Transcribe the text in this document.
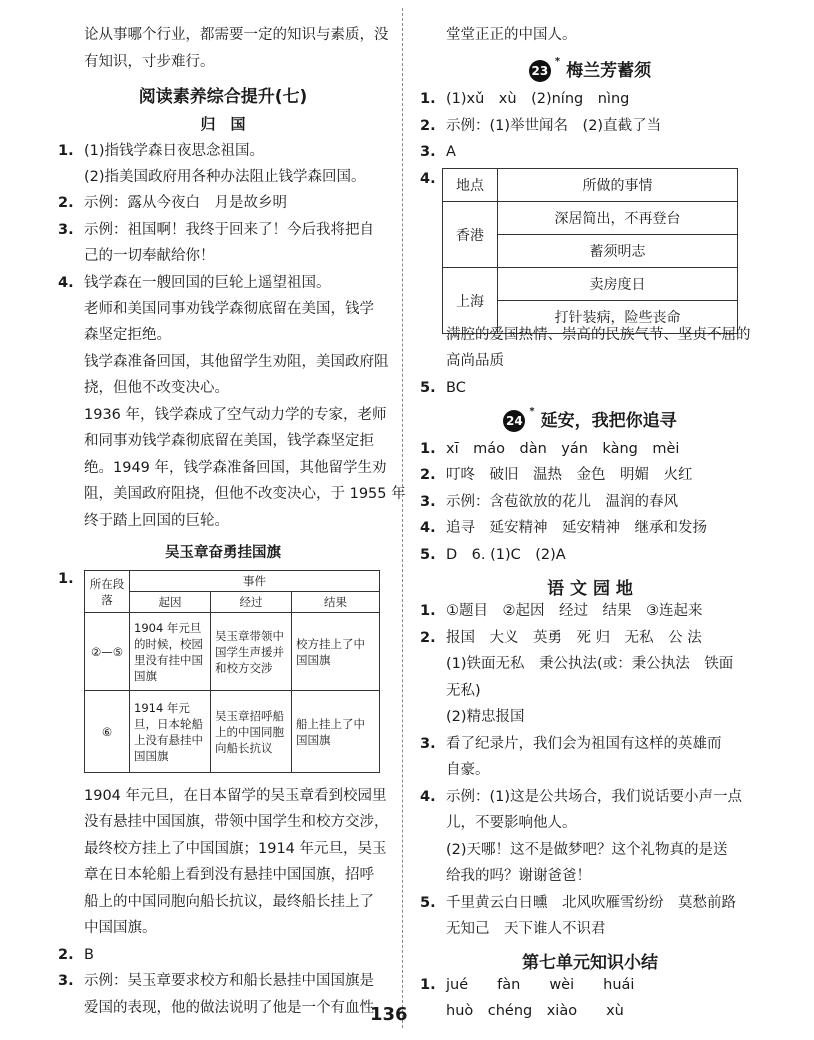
论从事哪个行业，都需要一定的知识与素质，没
有知识，寸步难行。
阅读素养综合提升(七)
归　国
1. (1)指钱学森日夜思念祖国。
(2)指美国政府用各种办法阻止钱学森回国。
2. 示例：露从今夜白　月是故乡明
3. 示例：祖国啊！我终于回来了！今后我将把自
己的一切奉献给你！
4. 钱学森在一艘回国的巨轮上遥望祖国。
老师和美国同事劝钱学森彻底留在美国，钱学
森坚定拒绝。
钱学森准备回国，其他留学生劝阻，美国政府阻
挠，但他不改变决心。
1936 年，钱学森成了空气动力学的专家，老师
和同事劝钱学森彻底留在美国，钱学森坚定拒
绝。1949 年，钱学森准备回国，其他留学生劝
阻，美国政府阻挠，但他不改变决心，于 1955 年
终于踏上回国的巨轮。
吴玉章奋勇挂国旗
1.	所在段落	事件		
	起因	经过	结果
②—⑤	1904 年元旦的时候，校园里没有挂中国国旗	吴玉章带领中国学生声援并和校方交涉	校方挂上了中国国旗
⑥	1914 年元旦，日本轮船上没有悬挂中国国旗	吴玉章招呼船上的中国同胞向船长抗议	船上挂上了中国国旗
1904 年元旦，在日本留学的吴玉章看到校园里
没有悬挂中国国旗，带领中国学生和校方交涉，
最终校方挂上了中国国旗；1914 年元旦，吴玉
章在日本轮船上看到没有悬挂中国国旗，招呼
船上的中国同胞向船长抗议，最终船长挂上了
中国国旗。
2. B
3. 示例：吴玉章要求校方和船长悬挂中国国旗是
爱国的表现，他的做法说明了他是一个有血性、
堂堂正正的中国人。
23* 梅兰芳蓄须
1. (1)xǔ　xù　(2)níng　nìng
2. 示例：(1)举世闻名　(2)直截了当
3. A
4.	地点	所做的事情
香港	深居简出，不再登台
	蓄须明志
上海	卖房度日
	打针装病，险些丧命
满腔的爱国热情、崇高的民族气节、坚贞不屈的
高尚品质
5. BC
24* 延安，我把你追寻
1. xī　máo　dàn　yán　kàng　mèi
2. 叮咚　破旧　温热　金色　明媚　火红
3. 示例：含苞欲放的花儿　温润的春风
4. 追寻　延安精神　延安精神　继承和发扬
5. D　6. (1)C　(2)A
语 文 园 地
1. ①题目　②起因　经过　结果　③连起来
2. 报国　大义　英勇　死 归　无私　公 法
(1)铁面无私　秉公执法(或：秉公执法　铁面
无私)
(2)精忠报国
3. 看了纪录片，我们会为祖国有这样的英雄而
自豪。
4. 示例：(1)这是公共场合，我们说话要小声一点
儿，不要影响他人。
(2)天哪！这不是做梦吧？这个礼物真的是送
给我的吗？谢谢爸爸！
5. 千里黄云白日曛　北风吹雁雪纷纷　莫愁前路
无知己　天下谁人不识君
第七单元知识小结
1. jué　　fàn　　wèi　　huái
huò　chéng　xiào　　xù
136
